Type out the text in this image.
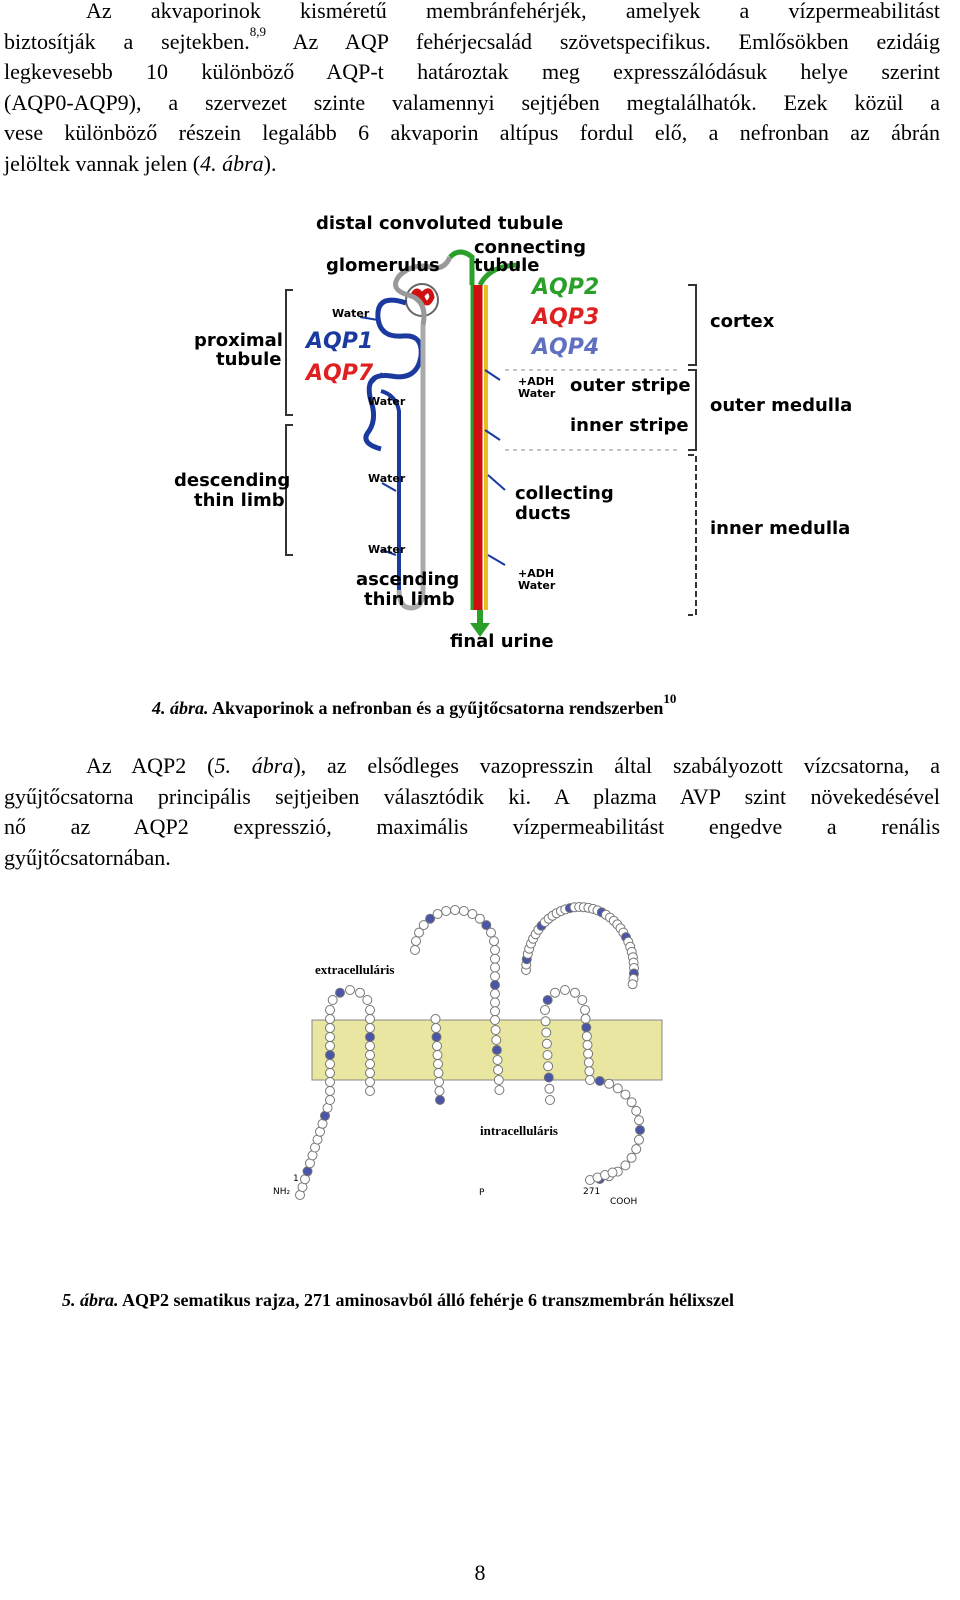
Az akvaporinok kisméretű membránfehérjék, amelyek a vízpermeabilitást
biztosítják a sejtekben.$^{8,9}$ Az AQP fehérjecsalád szövetspecifikus. Emlősökben ezidáig
legkevesebb 10 különböző AQP-t határoztak meg expresszálódásuk helye szerint
(AQP0-AQP9), a szervezet szinte valamennyi sejtjében megtalálhatók. Ezek közül a
vese különböző részein legalább 6 akvaporin altípus fordul elő, a nefronban az ábrán
jelöltek vannak jelen (4. ábra).
distal convoluted tubule
connecting
tubule
glomerulus
AQP2
AQP3
AQP4
proximal
tubule
AQP1
AQP7
Water
Water
Water
Water
+ADH
Water
+ADH
Water
outer stripe
inner stripe
cortex
outer medulla
inner medulla
descending
thin limb
ascending
thin limb
collecting
ducts
final urine
4. ábra. Akvaporinok a nefronban és a gyűjtőcsatorna rendszerben$^{10}$
Az AQP2 (5. ábra), az elsődleges vazopresszin által szabályozott vízcsatorna, a
gyűjtőcsatorna principális sejtjeiben választódik ki. A plazma AVP szint növekedésével
nő az AQP2 expresszió, maximális vízpermeabilitást engedve a renális
gyűjtőcsatornában.
extracelluláris
intracelluláris
NH₂
1
P	271
COOH
5. ábra. AQP2 sematikus rajza, 271 aminosavból álló fehérje 6 transzmembrán hélixszel
8
